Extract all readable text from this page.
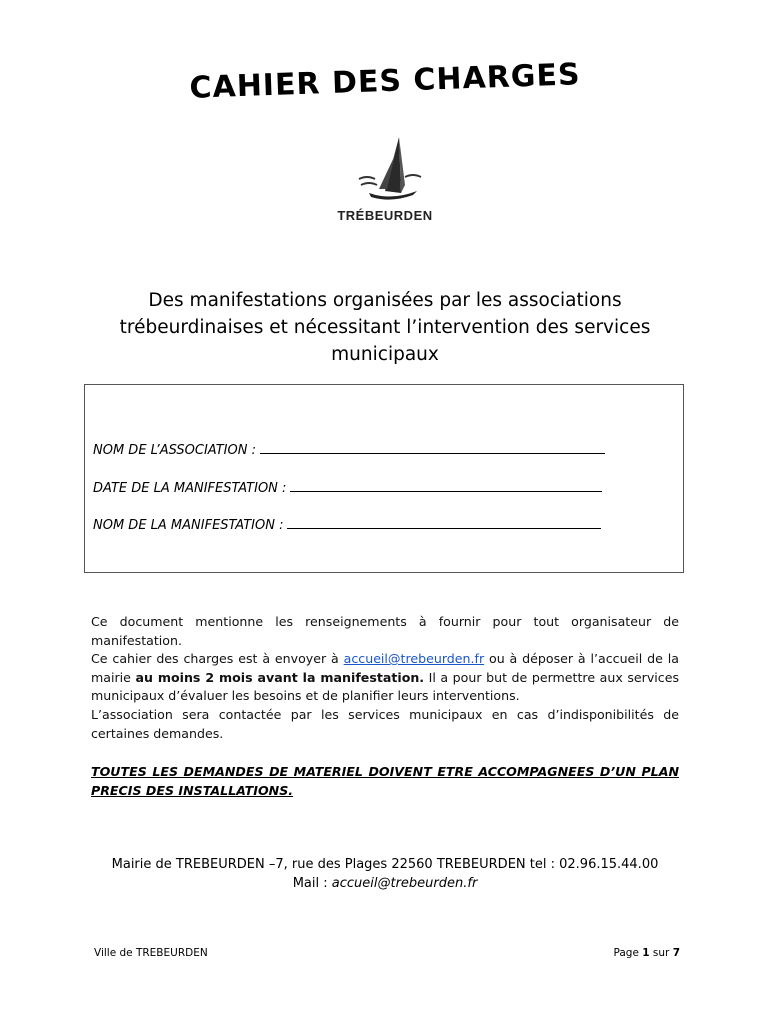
CAHIER DES CHARGES
TRÉBEURDEN
Des manifestations organisées par les associations
trébeurdinaises et nécessitant l’intervention des services
municipaux
NOM DE L’ASSOCIATION :
DATE DE LA MANIFESTATION :
NOM DE LA MANIFESTATION :

Ce document mentionne les renseignements à fournir pour tout organisateur de manifestation.

Ce cahier des charges est à envoyer à accueil@trebeurden.fr ou à déposer à l’accueil de la mairie au moins 2 mois avant la manifestation. Il a pour but de permettre aux services municipaux d’évaluer les besoins et de planifier leurs interventions.

L’association sera contactée par les services municipaux en cas d’indisponibilités de certaines demandes.

TOUTES LES DEMANDES DE MATERIEL DOIVENT ETRE ACCOMPAGNEES D’UN PLAN PRECIS DES INSTALLATIONS.
Mairie de TREBEURDEN –7, rue des Plages 22560 TREBEURDEN tel : 02.96.15.44.00
Mail : accueil@trebeurden.fr
Ville de TREBEURDEN	Page 1 sur 7
